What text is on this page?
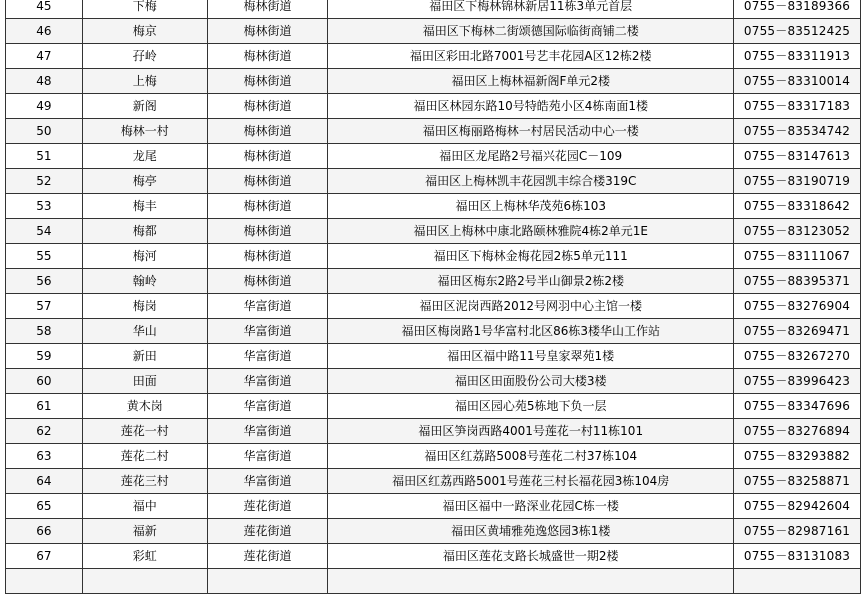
45	下梅	梅林街道	福田区下梅林锦林新居11栋3单元首层	0755－83189366
46	梅京	梅林街道	福田区下梅林二街颂德国际临街商铺二楼	0755－83512425
47	孖岭	梅林街道	福田区彩田北路7001号艺丰花园A区12栋2楼	0755－83311913
48	上梅	梅林街道	福田区上梅林福新阁F单元2楼	0755－83310014
49	新阁	梅林街道	福田区林园东路10号特皓苑小区4栋南面1楼	0755－83317183
50	梅林一村	梅林街道	福田区梅丽路梅林一村居民活动中心一楼	0755－83534742
51	龙尾	梅林街道	福田区龙尾路2号福兴花园C－109	0755－83147613
52	梅亭	梅林街道	福田区上梅林凯丰花园凯丰综合楼319C	0755－83190719
53	梅丰	梅林街道	福田区上梅林华茂苑6栋103	0755－83318642
54	梅都	梅林街道	福田区上梅林中康北路颐林雅院4栋2单元1E	0755－83123052
55	梅河	梅林街道	福田区下梅林金梅花园2栋5单元111	0755－83111067
56	翰岭	梅林街道	福田区梅东2路2号半山御景2栋2楼	0755－88395371
57	梅岗	华富街道	福田区泥岗西路2012号网羽中心主馆一楼	0755－83276904
58	华山	华富街道	福田区梅岗路1号华富村北区86栋3楼华山工作站	0755－83269471
59	新田	华富街道	福田区福中路11号皇家翠苑1楼	0755－83267270
60	田面	华富街道	福田区田面股份公司大楼3楼	0755－83996423
61	黄木岗	华富街道	福田区园心苑5栋地下负一层	0755－83347696
62	莲花一村	华富街道	福田区笋岗西路4001号莲花一村11栋101	0755－83276894
63	莲花二村	华富街道	福田区红荔路5008号莲花二村37栋104	0755－83293882
64	莲花三村	华富街道	福田区红荔西路5001号莲花三村长福花园3栋104房	0755－83258871
65	福中	莲花街道	福田区福中一路深业花园C栋一楼	0755－82942604
66	福新	莲花街道	福田区黄埔雅苑逸悠园3栋1楼	0755－82987161
67	彩虹	莲花街道	福田区莲花支路长城盛世一期2楼	0755－83131083
